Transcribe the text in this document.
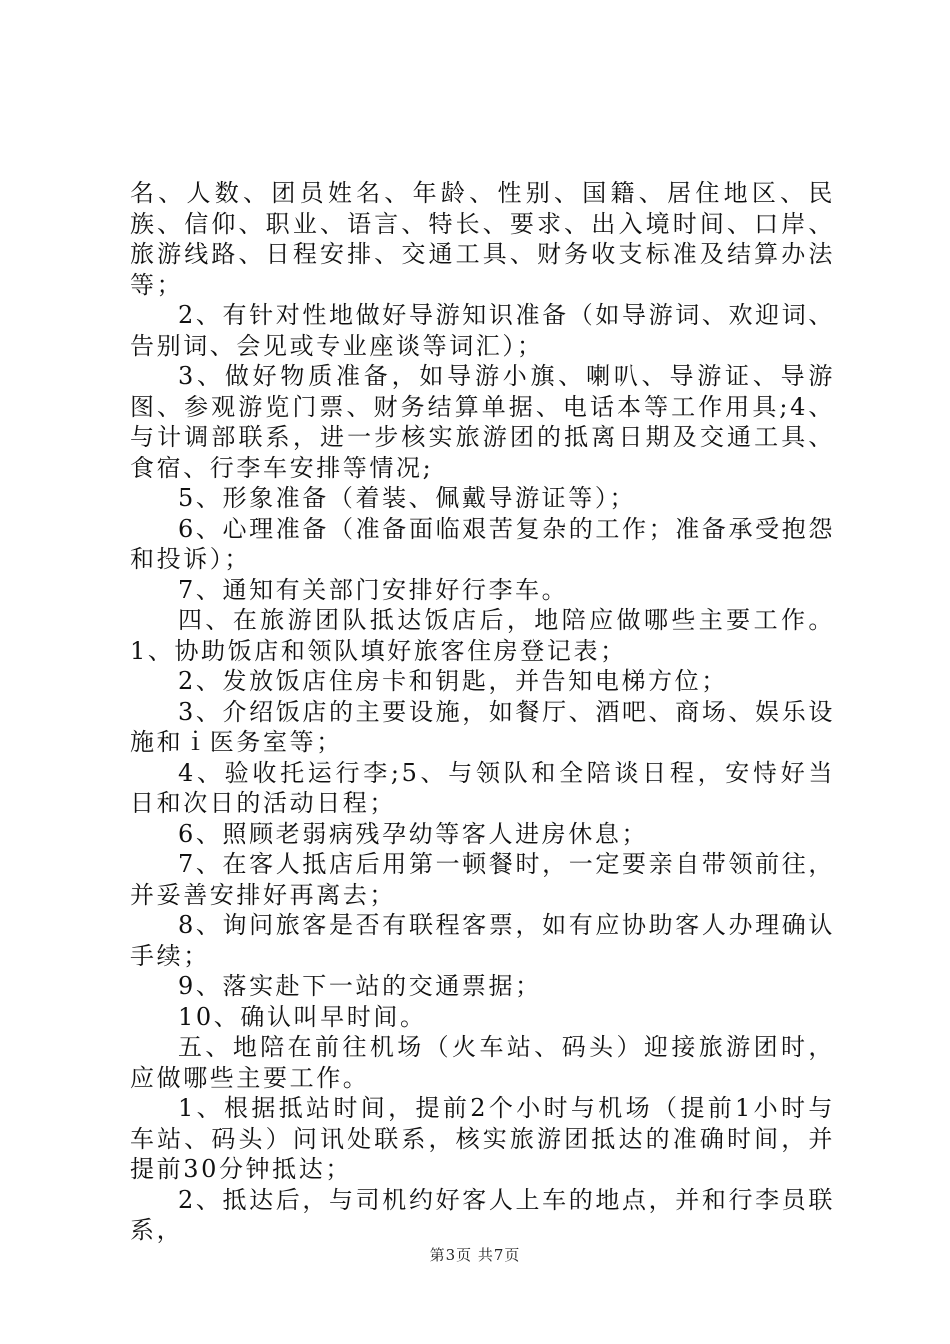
名、人数、团员姓名、年龄、性别、国籍、居住地区、民族、信仰、职业、语言、特长、要求、出入境时间、口岸、旅游线路、日程安排、交通工具、财务收支标准及结算办法等；

2、有针对性地做好导游知识准备（如导游词、欢迎词、告别词、会见或专业座谈等词汇）；

3、做好物质准备，如导游小旗、喇叭、导游证、导游图、参观游览门票、财务结算单据、电话本等工作用具;4、与计调部联系，进一步核实旅游团的抵离日期及交通工具、食宿、行李车安排等情况;

5、形象准备（着装、佩戴导游证等）；

6、心理准备（准备面临艰苦复杂的工作；准备承受抱怨和投诉）；

7、通知有关部门安排好行李车。

四、在旅游团队抵达饭店后，地陪应做哪些主要工作。1、协助饭店和领队填好旅客住房登记表；

2、发放饭店住房卡和钥匙，并告知电梯方位；

3、介绍饭店的主要设施，如餐厅、酒吧、商场、娱乐设施和ｉ医务室等；

4、验收托运行李;5、与领队和全陪谈日程，安恃好当日和次日的活动日程；

6、照顾老弱病残孕幼等客人进房休息；

7、在客人抵店后用第一顿餐时，一定要亲自带领前往，并妥善安排好再离去；

8、询问旅客是否有联程客票，如有应协助客人办理确认手续；

9、落实赴下一站的交通票据；

10、确认叫早时间。

五、地陪在前往机场（火车站、码头）迎接旅游团时，应做哪些主要工作。

1、根据抵站时间，提前2个小时与机场（提前1小时与车站、码头）问讯处联系，核实旅游团抵达的准确时间，并提前30分钟抵达；

2、抵达后，与司机约好客人上车的地点，并和行李员联系，

第3页 共7页
